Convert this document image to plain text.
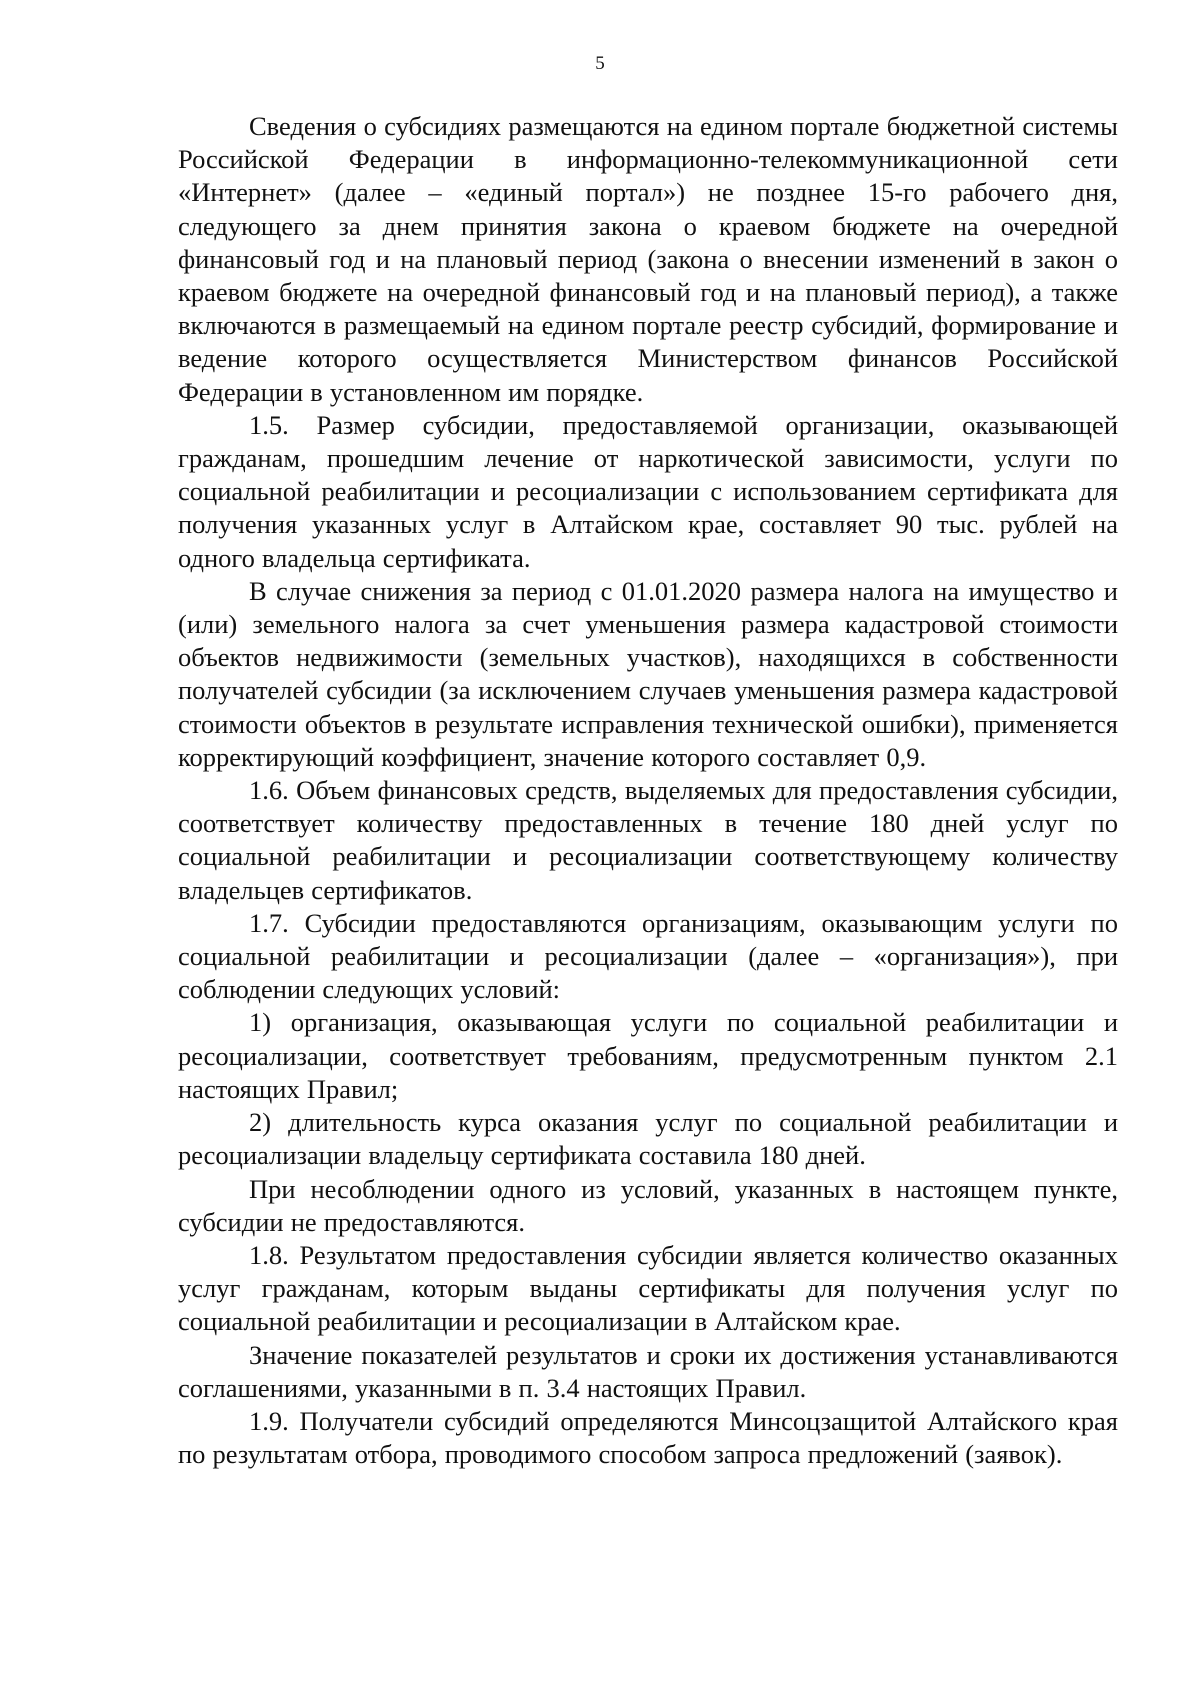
5

Сведения о субсидиях размещаются на едином портале бюджетной системы Российской Федерации в информационно-телекоммуникационной сети «Интернет» (далее – «единый портал») не позднее 15-го рабочего дня, следующего за днем принятия закона о краевом бюджете на очередной финансовый год и на плановый период (закона о внесении изменений в закон о краевом бюджете на очередной финансовый год и на плановый период), а также включаются в размещаемый на едином портале реестр субсидий, формирование и ведение которого осуществляется Министерством финансов Российской Федерации в установленном им порядке.

1.5. Размер субсидии, предоставляемой организации, оказывающей гражданам, прошедшим лечение от наркотической зависимости, услуги по социальной реабилитации и ресоциализации с использованием сертификата для получения указанных услуг в Алтайском крае, составляет 90 тыс. рублей на одного владельца сертификата.

В случае снижения за период с 01.01.2020 размера налога на имущество и (или) земельного налога за счет уменьшения размера кадастровой стоимости объектов недвижимости (земельных участков), находящихся в собственности получателей субсидии (за исключением случаев уменьшения размера кадастровой стоимости объектов в результате исправления технической ошибки), применяется корректирующий коэффициент, значение которого составляет 0,9.

1.6. Объем финансовых средств, выделяемых для предоставления субсидии, соответствует количеству предоставленных в течение 180 дней услуг по социальной реабилитации и ресоциализации соответствующему количеству владельцев сертификатов.

1.7. Субсидии предоставляются организациям, оказывающим услуги по социальной реабилитации и ресоциализации (далее – «организация»), при соблюдении следующих условий:

1) организация, оказывающая услуги по социальной реабилитации и ресоциализации, соответствует требованиям, предусмотренным пунктом 2.1 настоящих Правил;

2) длительность курса оказания услуг по социальной реабилитации и ресоциализации владельцу сертификата составила 180 дней.

При несоблюдении одного из условий, указанных в настоящем пункте, субсидии не предоставляются.

1.8. Результатом предоставления субсидии является количество оказанных услуг гражданам, которым выданы сертификаты для получения услуг по социальной реабилитации и ресоциализации в Алтайском крае.

Значение показателей результатов и сроки их достижения устанавливаются соглашениями, указанными в п. 3.4 настоящих Правил.

1.9. Получатели субсидий определяются Минсоцзащитой Алтайского края по результатам отбора, проводимого способом запроса предложений (заявок).
